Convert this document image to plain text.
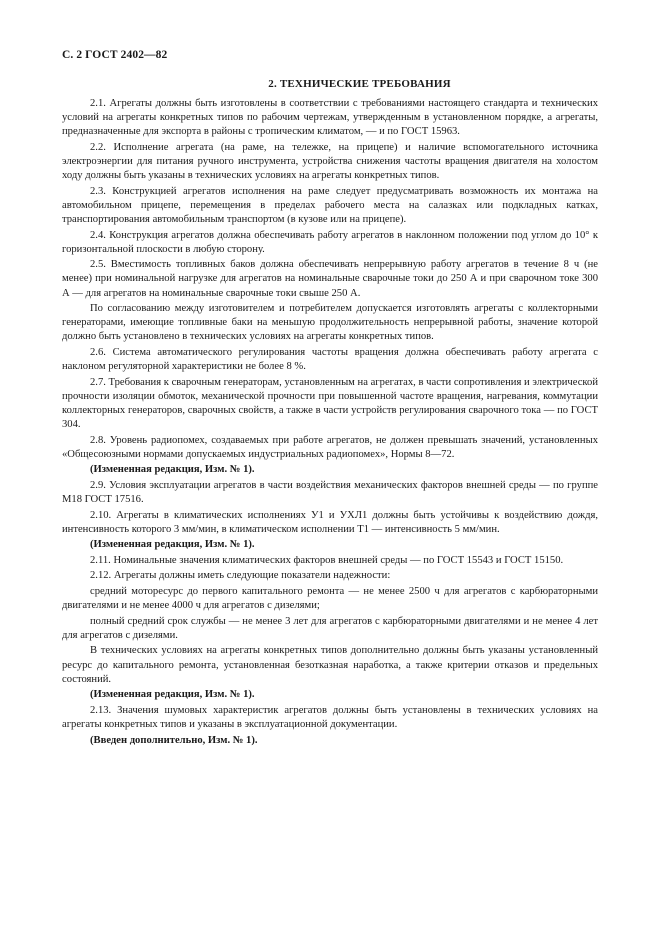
С. 2 ГОСТ 2402—82
2. ТЕХНИЧЕСКИЕ ТРЕБОВАНИЯ

2.1. Агрегаты должны быть изготовлены в соответствии с требованиями настоящего стандарта и технических условий на агрегаты конкретных типов по рабочим чертежам, утвержденным в установленном порядке, а агрегаты, предназначенные для экспорта в районы с тропическим климатом, — и по ГОСТ 15963.

2.2. Исполнение агрегата (на раме, на тележке, на прицепе) и наличие вспомогательного источника электроэнергии для питания ручного инструмента, устройства снижения частоты вращения двигателя на холостом ходу должны быть указаны в технических условиях на агрегаты конкретных типов.

2.3. Конструкцией агрегатов исполнения на раме следует предусматривать возможность их монтажа на автомобильном прицепе, перемещения в пределах рабочего места на салазках или подкладных катках, транспортирования автомобильным транспортом (в кузове или на прицепе).

2.4. Конструкция агрегатов должна обеспечивать работу агрегатов в наклонном положении под углом до 10° к горизонтальной плоскости в любую сторону.

2.5. Вместимость топливных баков должна обеспечивать непрерывную работу агрегатов в течение 8 ч (не менее) при номинальной нагрузке для агрегатов на номинальные сварочные токи до 250 А и при сварочном токе 300 А — для агрегатов на номинальные сварочные токи свыше 250 А.

По согласованию между изготовителем и потребителем допускается изготовлять агрегаты с коллекторными генераторами, имеющие топливные баки на меньшую продолжительность непрерывной работы, значение которой должно быть установлено в технических условиях на агрегаты конкретных типов.

2.6. Система автоматического регулирования частоты вращения должна обеспечивать работу агрегата с наклоном регуляторной характеристики не более 8 %.

2.7. Требования к сварочным генераторам, установленным на агрегатах, в части сопротивления и электрической прочности изоляции обмоток, механической прочности при повышенной частоте вращения, нагревания, коммутации коллекторных генераторов, сварочных свойств, а также в части устройств регулирования сварочного тока — по ГОСТ 304.

2.8. Уровень радиопомех, создаваемых при работе агрегатов, не должен превышать значений, установленных «Общесоюзными нормами допускаемых индустриальных радиопомех», Нормы 8—72.

(Измененная редакция, Изм. № 1).

2.9. Условия эксплуатации агрегатов в части воздействия механических факторов внешней среды — по группе М18 ГОСТ 17516.

2.10. Агрегаты в климатических исполнениях У1 и УХЛ1 должны быть устойчивы к воздействию дождя, интенсивность которого 3 мм/мин, в климатическом исполнении Т1 — интенсивность 5 мм/мин.

(Измененная редакция, Изм. № 1).

2.11. Номинальные значения климатических факторов внешней среды — по ГОСТ 15543 и ГОСТ 15150.

2.12. Агрегаты должны иметь следующие показатели надежности:

средний моторесурс до первого капитального ремонта — не менее 2500 ч для агрегатов с карбюраторными двигателями и не менее 4000 ч для агрегатов с дизелями;

полный средний срок службы — не менее 3 лет для агрегатов с карбюраторными двигателями и не менее 4 лет для агрегатов с дизелями.

В технических условиях на агрегаты конкретных типов дополнительно должны быть указаны установленный ресурс до капитального ремонта, установленная безотказная наработка, а также критерии отказов и предельных состояний.

(Измененная редакция, Изм. № 1).

2.13. Значения шумовых характеристик агрегатов должны быть установлены в технических условиях на агрегаты конкретных типов и указаны в эксплуатационной документации.

(Введен дополнительно, Изм. № 1).
